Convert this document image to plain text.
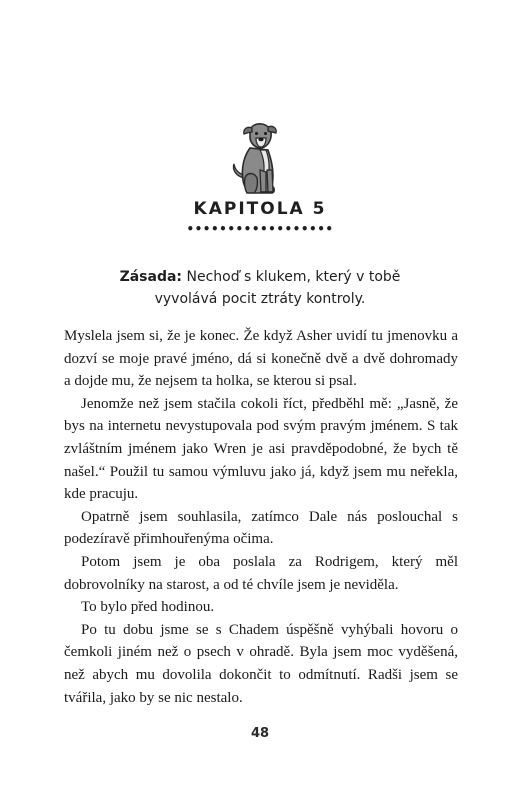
KAPITOLA 5
••••••••••••••••••
Zásada: Nechoď s klukem, který v tobě
vyvolává pocit ztráty kontroly.

Myslela jsem si, že je konec. Že když Asher uvidí tu jmenovku a dozví se moje pravé jméno, dá si konečně dvě a dvě dohromady a dojde mu, že nejsem ta holka, se kterou si psal.

Jenomže než jsem stačila cokoli říct, předběhl mě: „Jasně, že bys na internetu nevystupovala pod svým pravým jménem. S tak zvláštním jménem jako Wren je asi pravděpodobné, že bych tě našel.“ Použil tu samou výmluvu jako já, když jsem mu neřekla, kde pracuju.

Opatrně jsem souhlasila, zatímco Dale nás poslouchal s podezíravě přimhouřenýma očima.

Potom jsem je oba poslala za Rodrigem, který měl dobrovolníky na starost, a od té chvíle jsem je neviděla.

To bylo před hodinou.

Po tu dobu jsme se s Chadem úspěšně vyhýbali hovoru o čemkoli jiném než o psech v ohradě. Byla jsem moc vyděšená, než abych mu dovolila dokončit to odmítnutí. Radši jsem se tvářila, jako by se nic nestalo.

48
